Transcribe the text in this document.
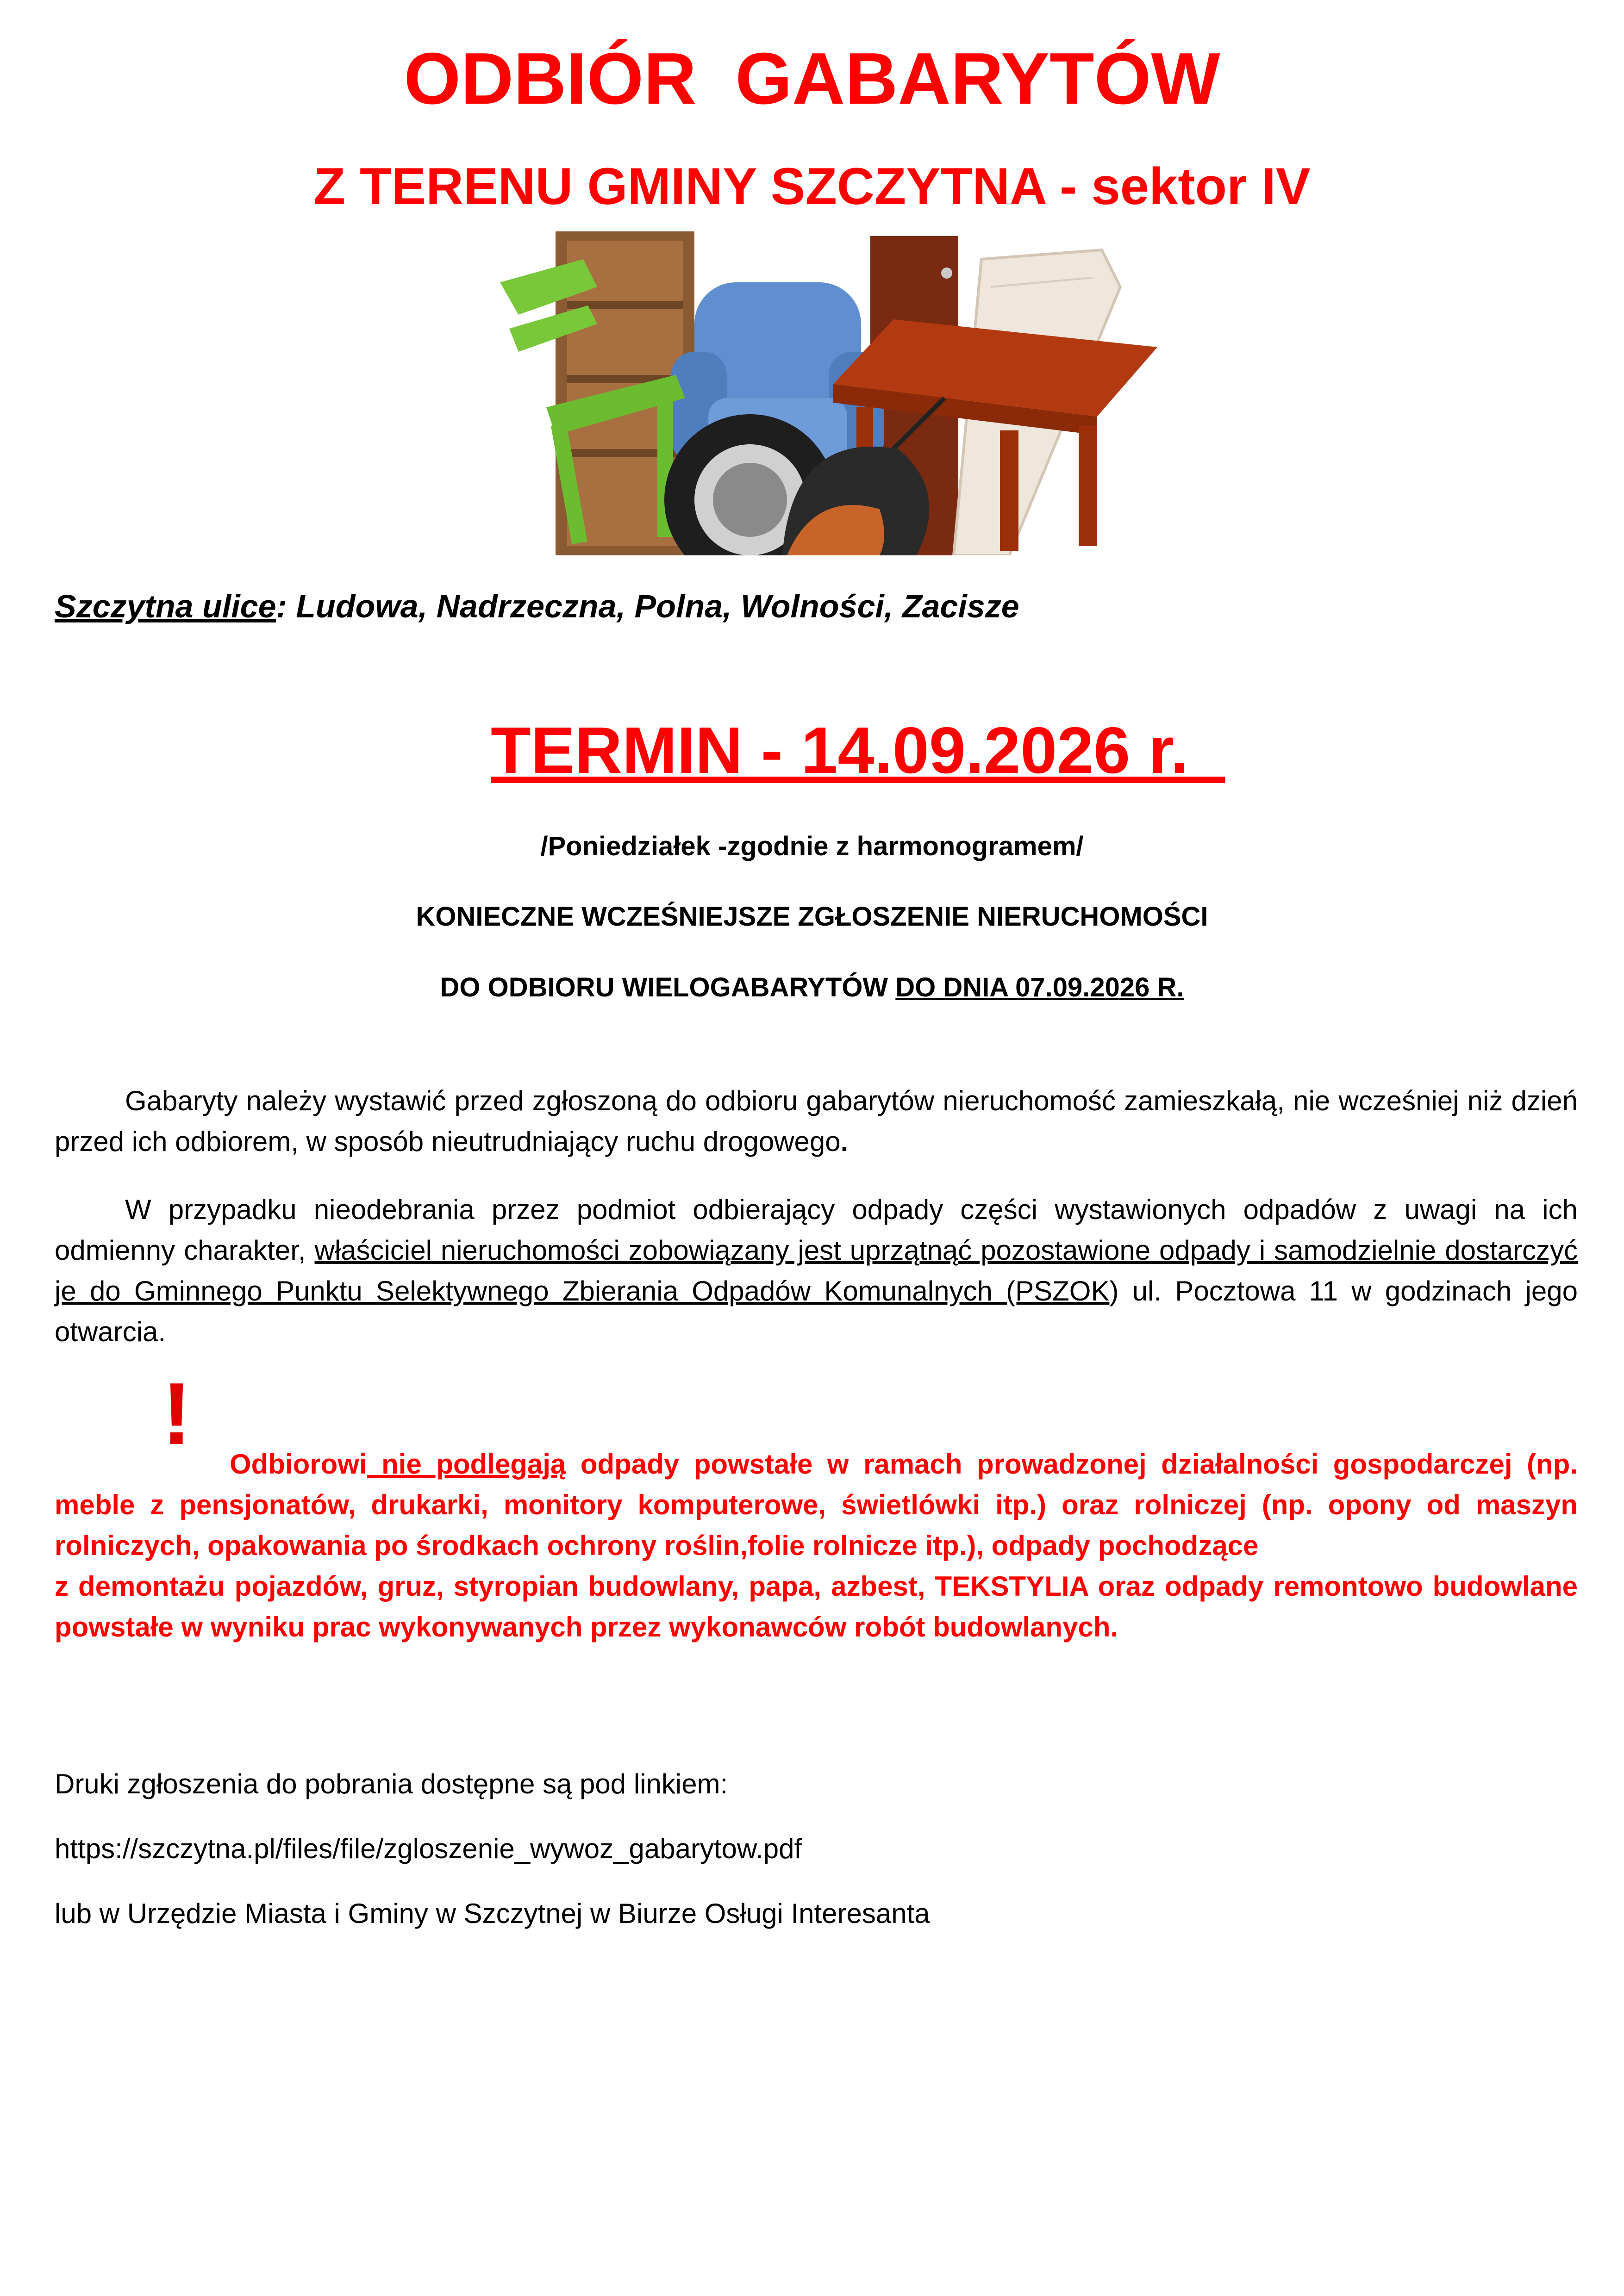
ODBIÓR GABARYTÓW
Z TERENU GMINY SZCZYTNA - sektor IV
Szczytna ulice: Ludowa, Nadrzeczna, Polna, Wolności, Zacisze
TERMIN - 14.09.2026 r.
/Poniedziałek -zgodnie z harmonogramem/
KONIECZNE WCZEŚNIEJSZE ZGŁOSZENIE NIERUCHOMOŚCI
DO ODBIORU WIELOGABARYTÓW DO DNIA 07.09.2026 R.
Gabaryty należy wystawić przed zgłoszoną do odbioru gabarytów nieruchomość zamieszkałą, nie wcześniej niż dzień przed ich odbiorem, w sposób nieutrudniający ruchu drogowego.
W przypadku nieodebrania przez podmiot odbierający odpady części wystawionych odpadów z uwagi na ich odmienny charakter, właściciel nieruchomości zobowiązany jest uprzątnąć pozostawione odpady i samodzielnie dostarczyć je do Gminnego Punktu Selektywnego Zbierania Odpadów Komunalnych (PSZOK) ul. Pocztowa 11 w godzinach jego otwarcia.
!
Odbiorowi nie podlegają odpady powstałe w ramach prowadzonej działalności gospodarczej (np. meble z pensjonatów, drukarki, monitory komputerowe, świetlówki itp.) oraz rolniczej (np. opony od maszyn rolniczych, opakowania po środkach ochrony roślin,folie rolnicze itp.), odpady pochodzące
z demontażu pojazdów, gruz, styropian budowlany, papa, azbest, TEKSTYLIA oraz odpady remontowo budowlane powstałe w wyniku prac wykonywanych przez wykonawców robót budowlanych.
Druki zgłoszenia do pobrania dostępne są pod linkiem:
https://szczytna.pl/files/file/zgloszenie_wywoz_gabarytow.pdf
lub w Urzędzie Miasta i Gminy w Szczytnej w Biurze Osługi Interesanta
